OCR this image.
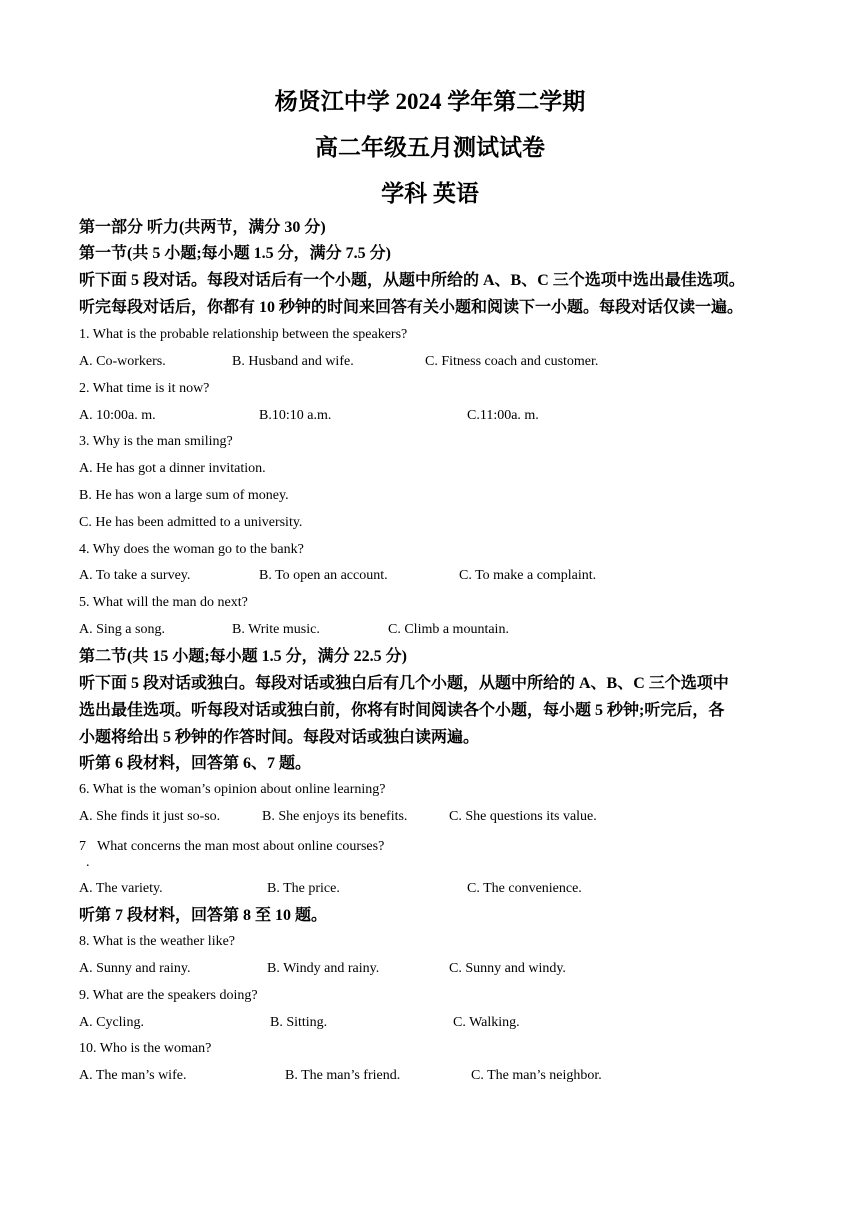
杨贤江中学 2024 学年第二学期
高二年级五月测试试卷
学科 英语
第一部分 听力(共两节，满分 30 分)
第一节(共 5 小题;每小题 1.5 分，满分 7.5 分)
听下面 5 段对话。每段对话后有一个小题，从题中所给的 A、B、C 三个选项中选出最佳选项。
听完每段对话后，你都有 10 秒钟的时间来回答有关小题和阅读下一小题。每段对话仅读一遍。
1. What is the probable relationship between the speakers?
A. Co-workers.	B. Husband and wife.	C. Fitness coach and customer.
2. What time is it now?
A. 10:00a. m.	B.10:10 a.m.	C.11:00a. m.
3. Why is the man smiling?
A. He has got a dinner invitation.
B. He has won a large sum of money.
C. He has been admitted to a university.
4. Why does the woman go to the bank?
A. To take a survey.	B. To open an account.	C. To make a complaint.
5. What will the man do next?
A. Sing a song.	B. Write music.	C. Climb a mountain.
第二节(共 15 小题;每小题 1.5 分，满分 22.5 分)
听下面 5 段对话或独白。每段对话或独白后有几个小题，从题中所给的 A、B、C 三个选项中
选出最佳选项。听每段对话或独白前，你将有时间阅读各个小题，每小题 5 秒钟;听完后，各
小题将给出 5 秒钟的作答时间。每段对话或独白读两遍。
听第 6 段材料，回答第 6、7 题。
6. What is the woman’s opinion about online learning?
A. She finds it just so-so.	B. She enjoys its benefits.	C. She questions its value.
7 What concerns the man most about online courses?
.
A. The variety.	B. The price.	C. The convenience.
听第 7 段材料，回答第 8 至 10 题。
8. What is the weather like?
A. Sunny and rainy.	B. Windy and rainy.	C. Sunny and windy.
9. What are the speakers doing?
A. Cycling.	B. Sitting.	C. Walking.
10. Who is the woman?
A. The man’s wife.	B. The man’s friend.	C. The man’s neighbor.
